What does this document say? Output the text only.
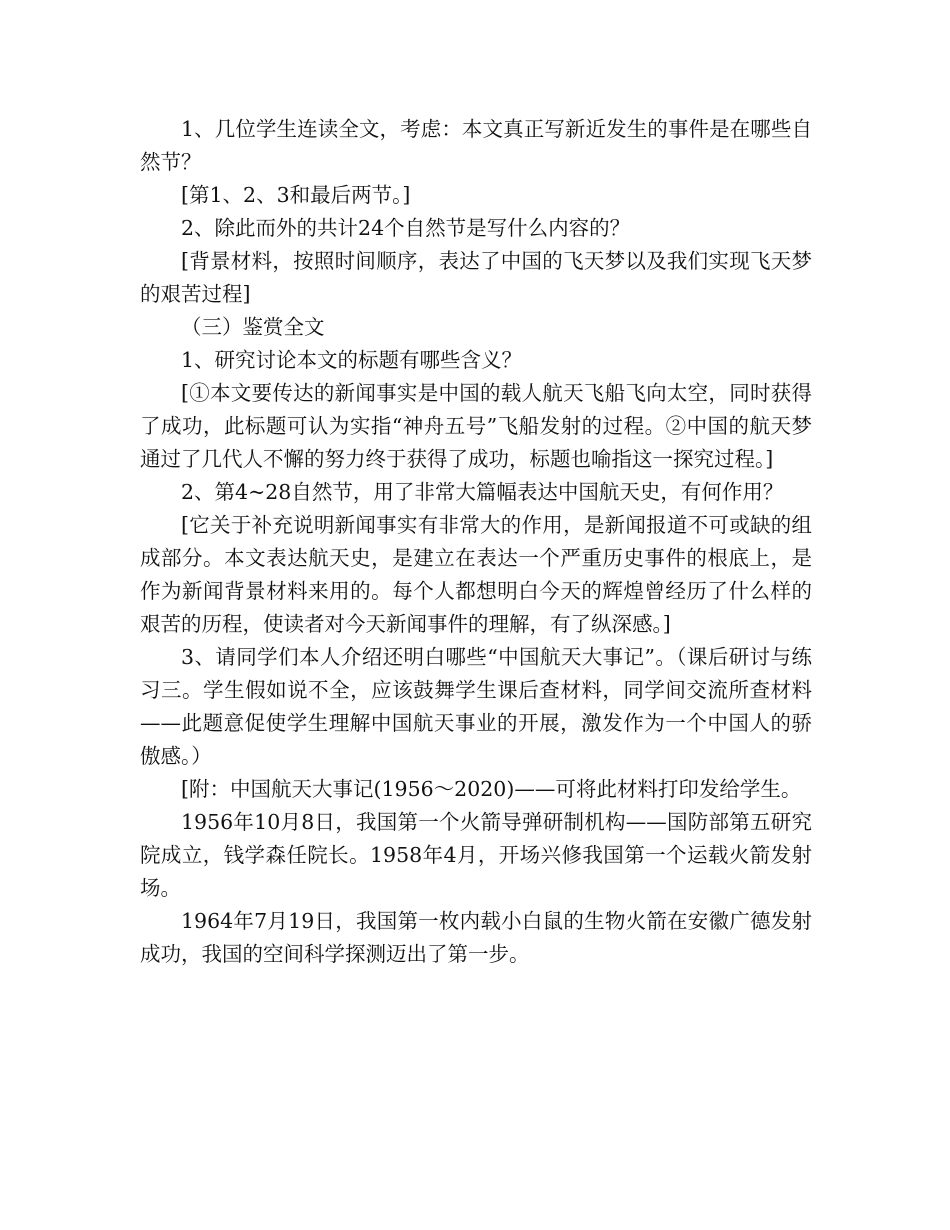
1、几位学生连读全文，考虑：本文真正写新近发生的事件是在哪些自然节？

[第1、2、3和最后两节。]

2、除此而外的共计24个自然节是写什么内容的？

[背景材料，按照时间顺序，表达了中国的飞天梦以及我们实现飞天梦的艰苦过程]

（三）鉴赏全文

1、研究讨论本文的标题有哪些含义？

[①本文要传达的新闻事实是中国的载人航天飞船飞向太空，同时获得了成功，此标题可认为实指“神舟五号”飞船发射的过程。②中国的航天梦通过了几代人不懈的努力终于获得了成功，标题也喻指这一探究过程。]

2、第4~28自然节，用了非常大篇幅表达中国航天史，有何作用？

[它关于补充说明新闻事实有非常大的作用，是新闻报道不可或缺的组成部分。本文表达航天史，是建立在表达一个严重历史事件的根底上，是作为新闻背景材料来用的。每个人都想明白今天的辉煌曾经历了什么样的艰苦的历程，使读者对今天新闻事件的理解，有了纵深感。]

3、请同学们本人介绍还明白哪些“中国航天大事记”。（课后研讨与练习三。学生假如说不全，应该鼓舞学生课后查材料，同学间交流所查材料——此题意促使学生理解中国航天事业的开展，激发作为一个中国人的骄傲感。）

[附：中国航天大事记(1956～2020)——可将此材料打印发给学生。

1956年10月8日，我国第一个火箭导弹研制机构——国防部第五研究院成立，钱学森任院长。1958年4月，开场兴修我国第一个运载火箭发射场。

1964年7月19日，我国第一枚内载小白鼠的生物火箭在安徽广德发射成功，我国的空间科学探测迈出了第一步。
